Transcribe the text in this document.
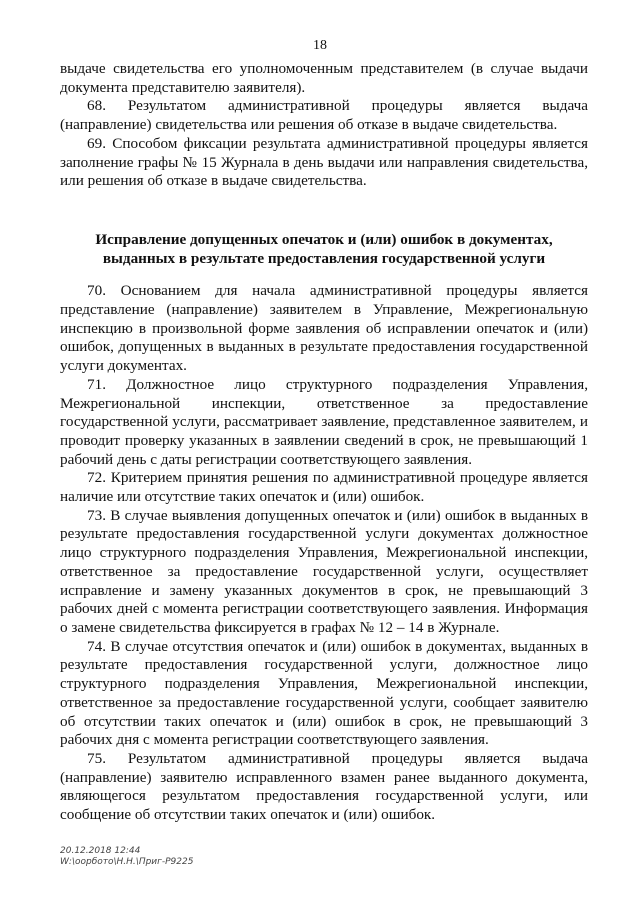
18

выдаче свидетельства его уполномоченным представителем (в случае выдачи документа представителю заявителя).

68. Результатом административной процедуры является выдача (направление) свидетельства или решения об отказе в выдаче свидетельства.

69. Способом фиксации результата административной процедуры является заполнение графы № 15 Журнала в день выдачи или направления свидетельства, или решения об отказе в выдаче свидетельства.

Исправление допущенных опечаток и (или) ошибок в документах, выданных в результате предоставления государственной услуги

70. Основанием для начала административной процедуры является представление (направление) заявителем в Управление, Межрегиональную инспекцию в произвольной форме заявления об исправлении опечаток и (или) ошибок, допущенных в выданных в результате предоставления государственной услуги документах.

71. Должностное лицо структурного подразделения Управления, Межрегиональной инспекции, ответственное за предоставление государственной услуги, рассматривает заявление, представленное заявителем, и проводит проверку указанных в заявлении сведений в срок, не превышающий 1 рабочий день с даты регистрации соответствующего заявления.

72. Критерием принятия решения по административной процедуре является наличие или отсутствие таких опечаток и (или) ошибок.

73. В случае выявления допущенных опечаток и (или) ошибок в выданных в результате предоставления государственной услуги документах должностное лицо структурного подразделения Управления, Межрегиональной инспекции, ответственное за предоставление государственной услуги, осуществляет исправление и замену указанных документов в срок, не превышающий 3 рабочих дней с момента регистрации соответствующего заявления. Информация о замене свидетельства фиксируется в графах № 12 – 14 в Журнале.

74. В случае отсутствия опечаток и (или) ошибок в документах, выданных в результате предоставления государственной услуги, должностное лицо структурного подразделения Управления, Межрегиональной инспекции, ответственное за предоставление государственной услуги, сообщает заявителю об отсутствии таких опечаток и (или) ошибок в срок, не превышающий 3 рабочих дня с момента регистрации соответствующего заявления.

75. Результатом административной процедуры является выдача (направление) заявителю исправленного взамен ранее выданного документа, являющегося результатом предоставления государственной услуги, или сообщение об отсутствии таких опечаток и (или) ошибок.

20.12.2018 12:44
W:\оорбото\Н.Н.\Приг-Р9225
